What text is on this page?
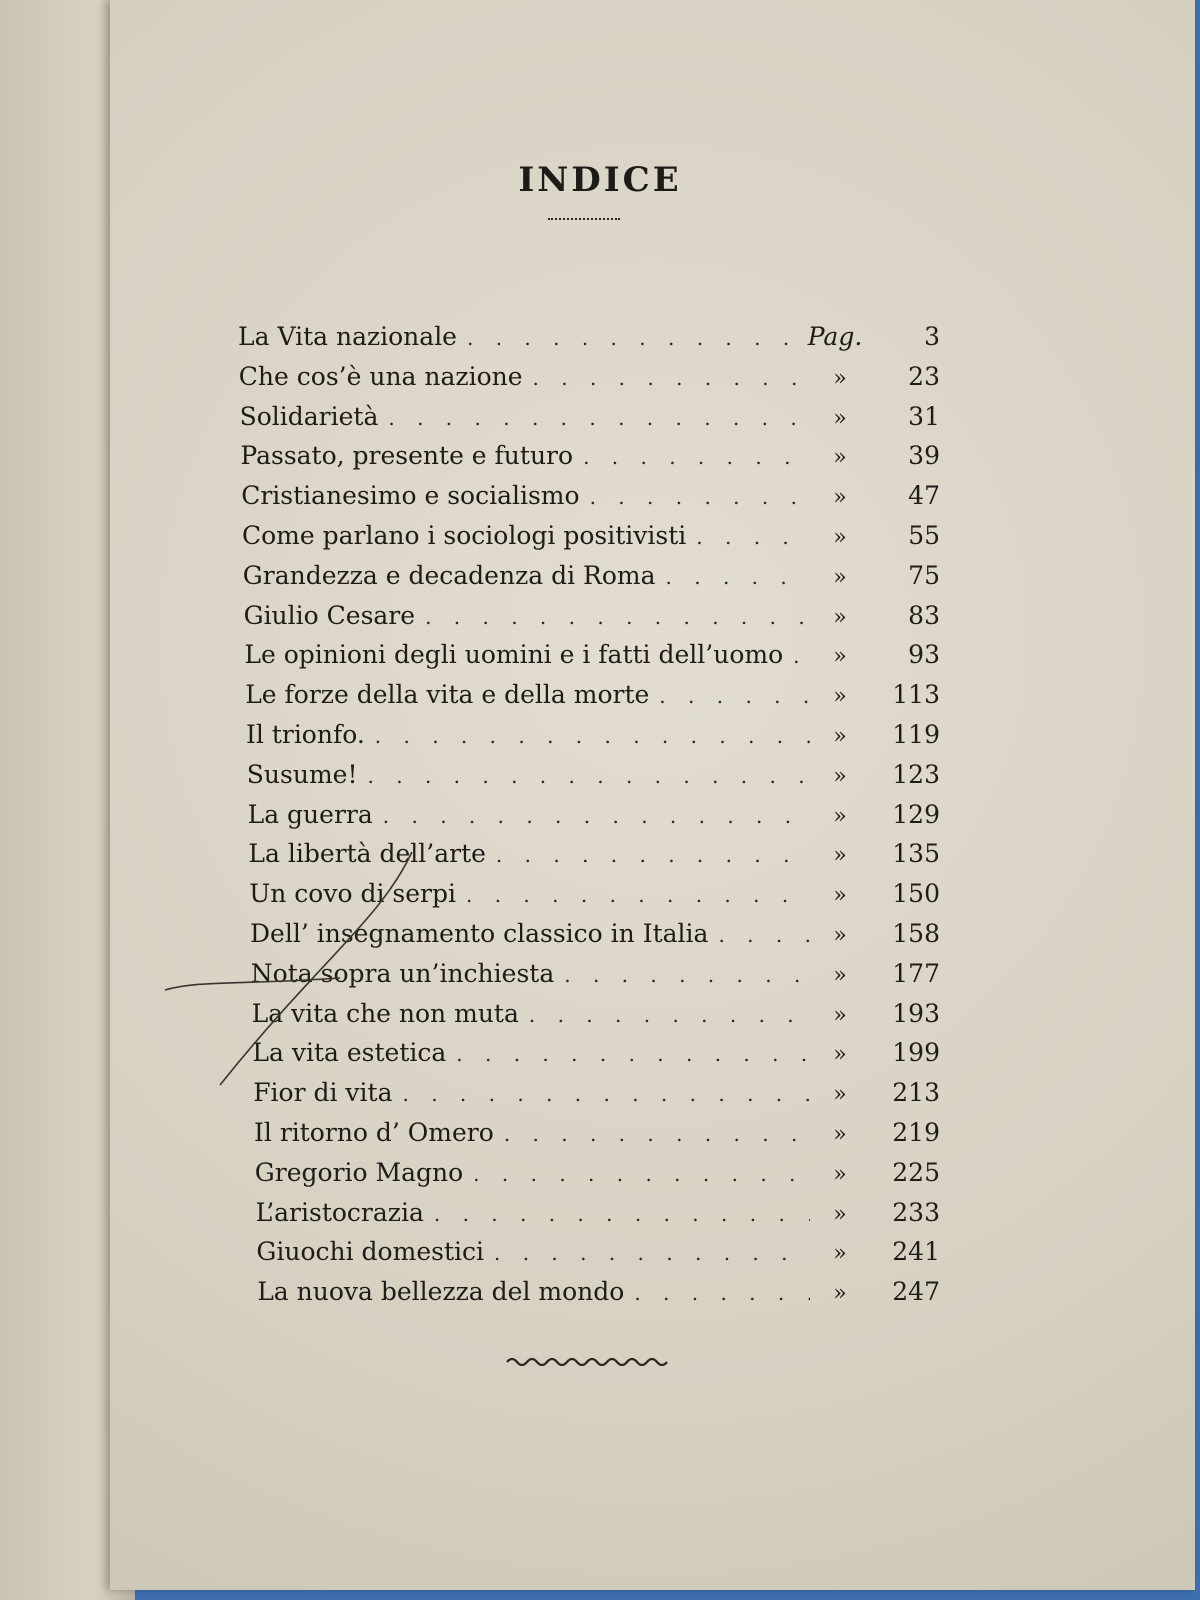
INDICE
La Vita nazionale . . .	Pag.	3
Che cos’è una nazione . . .	»	23
Solidarietà . . .	»	31
Passato, presente e futuro . . .	»	39
Cristianesimo e socialismo . . .	»	47
Come parlano i sociologi positivisti . . .	»	55
Grandezza e decadenza di Roma . . .	»	75
Giulio Cesare . . .	»	83
Le opinioni degli uomini e i fatti dell’uomo . . .	»	93
Le forze della vita e della morte . . .	»	113
Il trionfo. . . .	»	119
Susume! . . .	»	123
La guerra . . .	»	129
La libertà dell’arte . . .	»	135
Un covo di serpi . . .	»	150
Dell’ insegnamento classico in Italia . . .	»	158
Nota sopra un’inchiesta . . .	»	177
La vita che non muta . . .	»	193
La vita estetica . . .	»	199
Fior di vita . . .	»	213
Il ritorno d’ Omero . . .	»	219
Gregorio Magno . . .	»	225
L’aristocrazia . . .	»	233
Giuochi domestici . . .	»	241
La nuova bellezza del mondo . . .	»	247
